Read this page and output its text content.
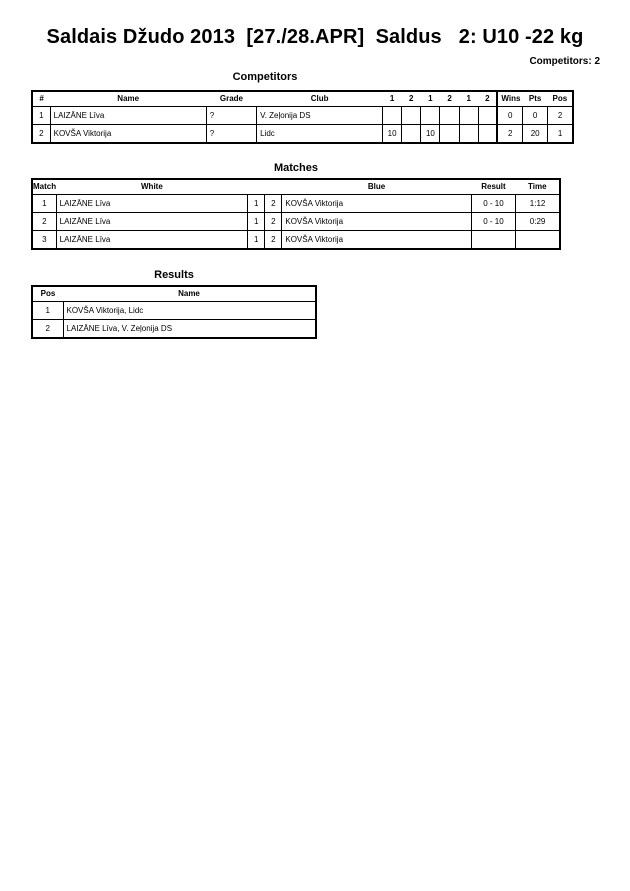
Saldais Džudo 2013  [27./28.APR]  Saldus   2: U10 -22 kg
Competitors: 2
Competitors
#	Name	Grade	Club	1	2	1	2	1	2	Wins	Pts	Pos
1	LAIZĀNE Līva	?	V. Zeļonija DS							0	0	2
2	KOVŠA Viktorija	?	Lidc	10		10				2	20	1
Matches
Match	White			Blue	Result	Time
1	LAIZĀNE Līva	1	2	KOVŠA Viktorija	0 - 10	1:12
2	LAIZĀNE Līva	1	2	KOVŠA Viktorija	0 - 10	0:29
3	LAIZĀNE Līva	1	2	KOVŠA Viktorija		
Results
Pos	Name
1	KOVŠA Viktorija, Lidc
2	LAIZĀNE Līva, V. Zeļonija DS
